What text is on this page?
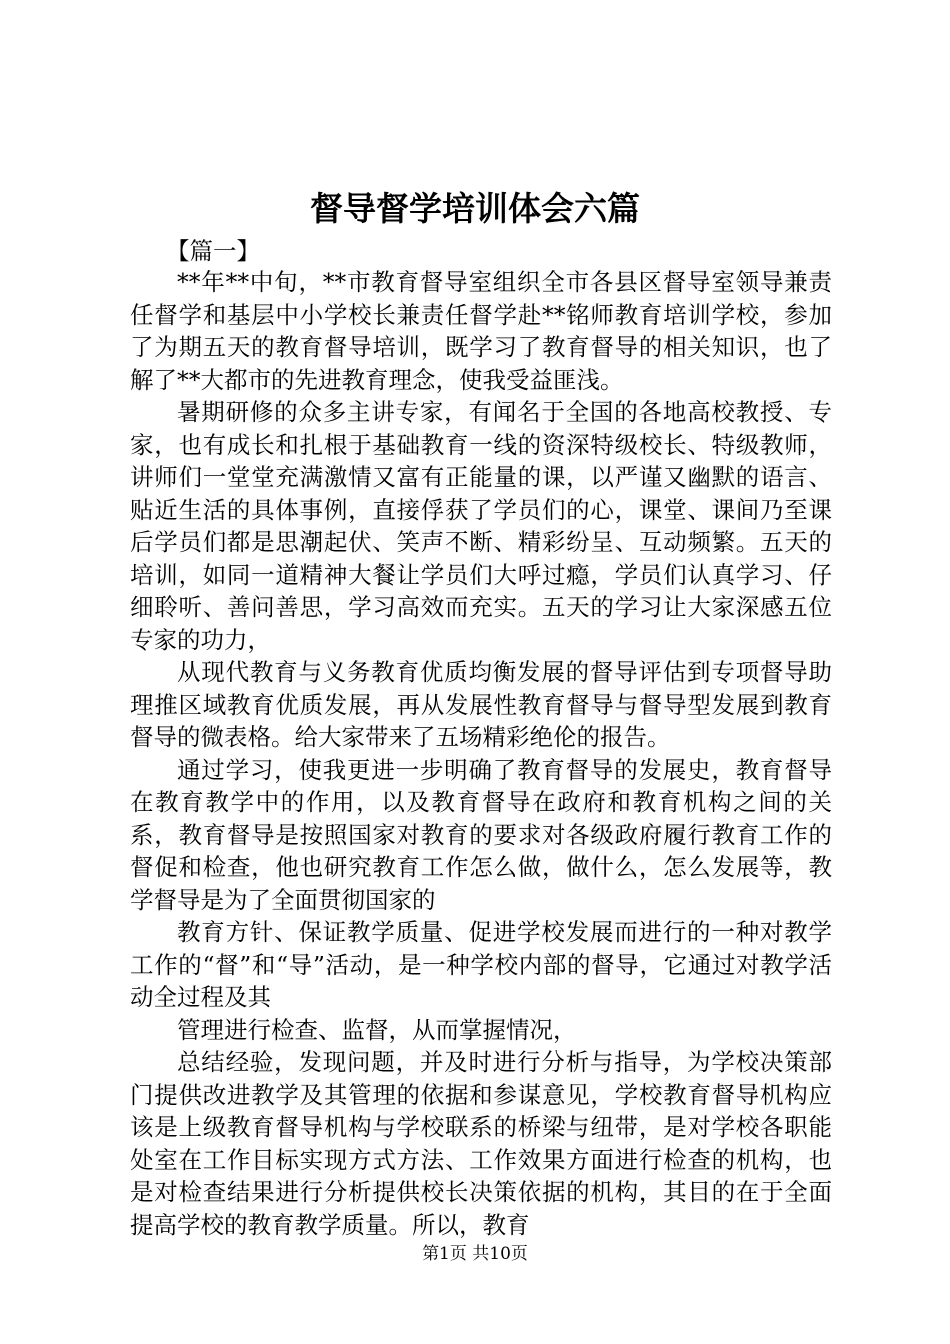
督导督学培训体会六篇

【篇一】

**年**中旬，**市教育督导室组织全市各县区督导室领导兼责任督学和基层中小学校长兼责任督学赴**铭师教育培训学校，参加了为期五天的教育督导培训，既学习了教育督导的相关知识，也了解了**大都市的先进教育理念，使我受益匪浅。

暑期研修的众多主讲专家，有闻名于全国的各地高校教授、专家，也有成长和扎根于基础教育一线的资深特级校长、特级教师，讲师们一堂堂充满激情又富有正能量的课，以严谨又幽默的语言、贴近生活的具体事例，直接俘获了学员们的心，课堂、课间乃至课后学员们都是思潮起伏、笑声不断、精彩纷呈、互动频繁。五天的培训，如同一道精神大餐让学员们大呼过瘾，学员们认真学习、仔细聆听、善问善思，学习高效而充实。五天的学习让大家深感五位专家的功力，

从现代教育与义务教育优质均衡发展的督导评估到专项督导助理推区域教育优质发展，再从发展性教育督导与督导型发展到教育督导的微表格。给大家带来了五场精彩绝伦的报告。

通过学习，使我更进一步明确了教育督导的发展史，教育督导在教育教学中的作用，以及教育督导在政府和教育机构之间的关系，教育督导是按照国家对教育的要求对各级政府履行教育工作的督促和检查，他也研究教育工作怎么做，做什么，怎么发展等，教学督导是为了全面贯彻国家的

教育方针、保证教学质量、促进学校发展而进行的一种对教学工作的“督”和“导”活动，是一种学校内部的督导，它通过对教学活动全过程及其

管理进行检查、监督，从而掌握情况，

总结经验，发现问题，并及时进行分析与指导，为学校决策部门提供改进教学及其管理的依据和参谋意见，学校教育督导机构应该是上级教育督导机构与学校联系的桥梁与纽带，是对学校各职能处室在工作目标实现方式方法、工作效果方面进行检查的机构，也是对检查结果进行分析提供校长决策依据的机构，其目的在于全面提高学校的教育教学质量。所以，教育

第1页 共10页
